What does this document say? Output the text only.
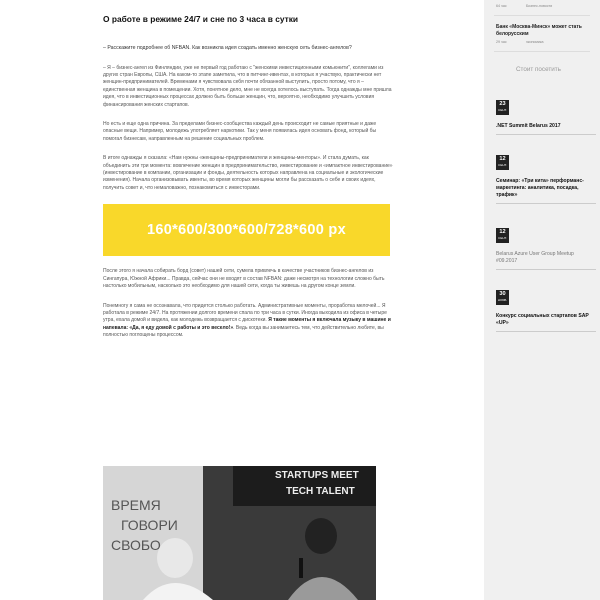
О работе в режиме 24/7 и сне по 3 часа в сутки

– Расскажите подробнее об NFBAN. Как возникла идея создать именно женскую сеть бизнес-ангелов?

– Я – бизнес-ангел из Финляндии, уже не первый год работаю с "женскими инвестиционными комьюнити", коллегами из других стран Европы, США. На каком-то этапе заметила, что в питчинг-ивентах, в которых я участвую, практически нет женщин-предпринимателей. Временами я чувствовала себя почти обязанной выступить, просто потому, что я – единственная женщина в помещении. Хотя, понятное дело, мне не всегда хотелось выступать. Тогда однажды мне пришла идея, что в инвестиционных процессах должно быть больше женщин, что, вероятно, необходимо улучшить условия финансирования женских стартапов.

Но есть и еще одна причина. За пределами бизнес-сообщества каждый день происходит не самые приятные и даже опасные вещи. Например, молодежь употребляет наркотики. Так у меня появилась идея основать фонд, который бы помогал бизнесам, направленным на решение социальных проблем.

В итоге однажды я сказала: «Нам нужны «женщины-предприниматели и женщины-менторы». И стала думать, как объединить эти три момента: вовлечение женщин в предпринимательство, инвестирование и «импактное инвестирование» (инвестирование в компании, организации и фонды, деятельность которых направлена на социальные и экологические изменения). Начала организовывать ивенты, во время которых женщины могли бы рассказать о себе и своих идеях, получить совет и, что немаловажно, познакомиться с инвесторами.

160*600/300*600/728*600 px

После этого я начала собирать борд (совет) нашей сети, сумела привлечь в качестве участников бизнес-ангелов из Сингапура, Южной Африки... Правда, сейчас они не входят в состав NFBAN: даже несмотря на технологии сложно быть настолько мобильным, насколько это необходимо для нашей сети, когда ты живешь на другом конце земли.

Понемногу я сама не осознавала, что придется столько работать. Административные моменты, проработка мелочей... Я работала в режиме 24/7. На протяжении долгого времени спала по три часа в сутки. Иногда выходила из офиса в четыре утра, ехала домой и видела, как молодежь возвращается с дискотеки. Я такие моменты я включала музыку в машине и напевала: «Да, я еду домой с работы и это весело!». Ведь когда вы занимаетесь тем, что действительно любите, вы полностью поглощены процессом.

ВРЕМЯ
ГОВОРИ
СВОБО
STARTUPS MEET
TECH TALENT
64 час	Бизнес-новости
Банк «Москва-Минск» может стать белорусским
29 час	экономика
Стоит посетить
23
СЕНТ.
.NET Summit Belarus 2017
12
СЕНТ.
Семинар: «Три кита» перформанс-маркетинга: аналитика, посадка, трафик»
12
СЕНТ.
Belarus Azure User Group Meetup #09.2017
30
НОЯБ.
Конкурс социальных стартапов SAP «UP»
